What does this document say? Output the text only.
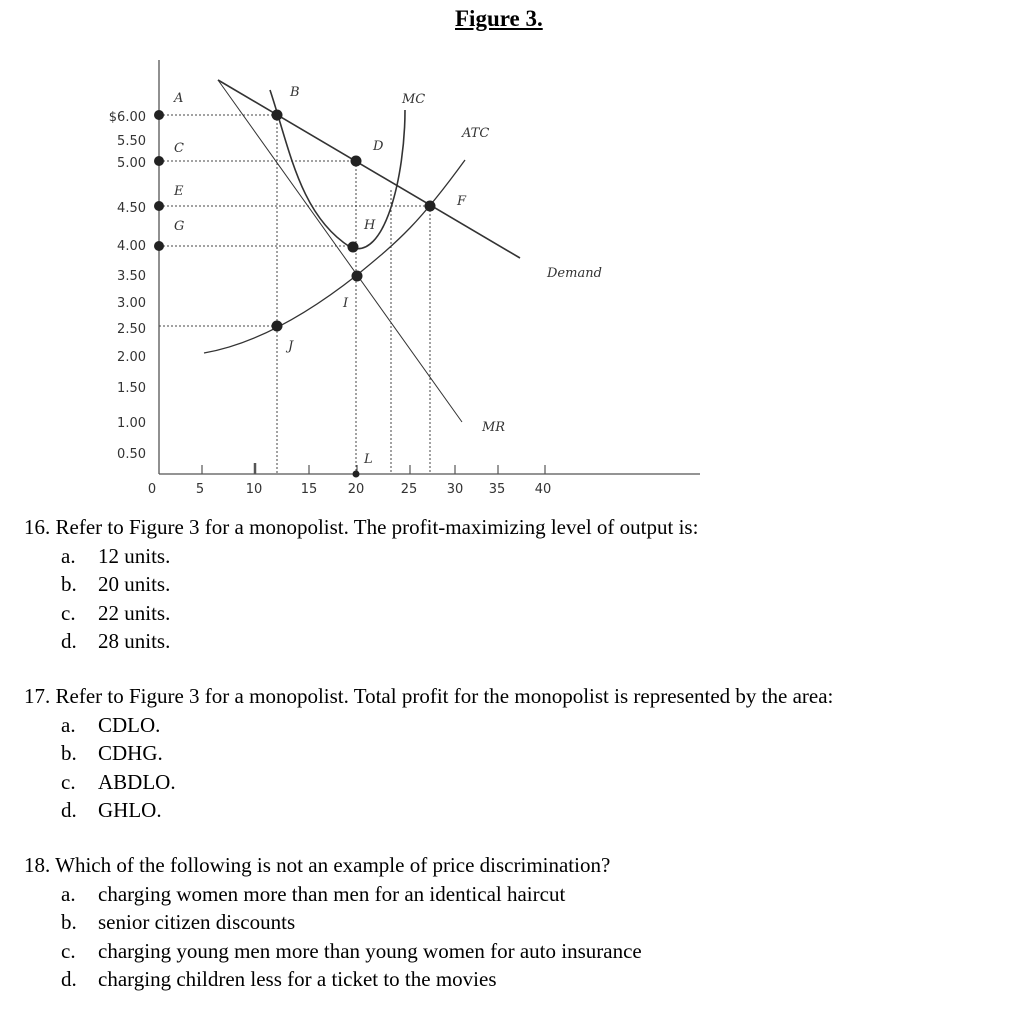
Figure 3.
0	5	10	15 20	25 30 35 40
$6.00
5.50
5.00
4.50
4.00
3.50
3.00
2.50
2.00
1.50
1.00
0.50
A	B
C	D
E
F
G	H
I
J
L
MC
ATC
Demand
MR
16. Refer to Figure 3 for a monopolist. The profit-maximizing level of output is:
a. 12 units.
b. 20 units.
c. 22 units.
d. 28 units.
17. Refer to Figure 3 for a monopolist. Total profit for the monopolist is represented by the area:
a. CDLO.
b. CDHG.
c. ABDLO.
d. GHLO.
18. Which of the following is not an example of price discrimination?
a. charging women more than men for an identical haircut
b. senior citizen discounts
c. charging young men more than young women for auto insurance
d. charging children less for a ticket to the movies
